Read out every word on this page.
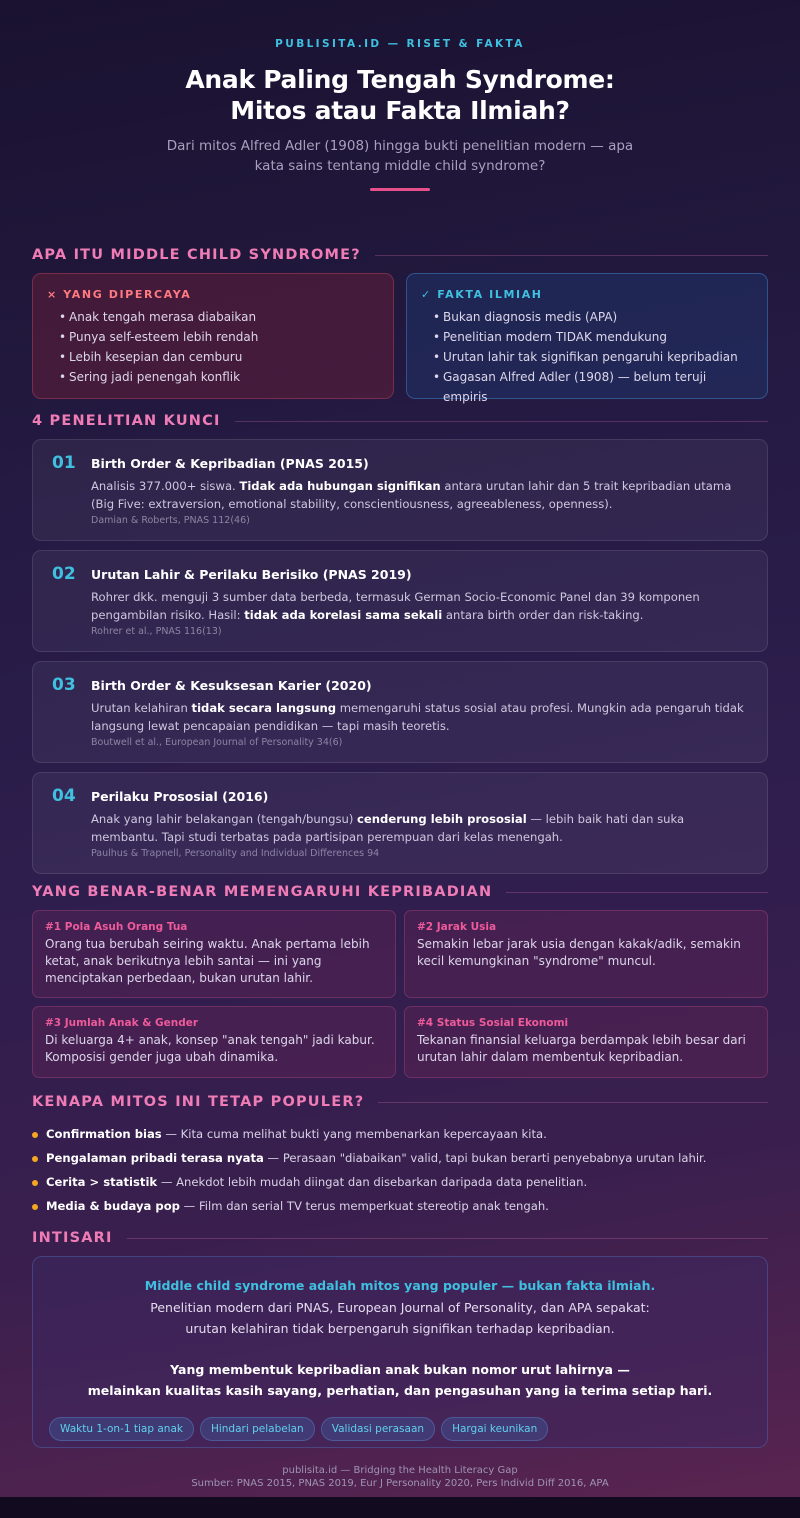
PUBLISITA.ID — RISET & FAKTA
Anak Paling Tengah Syndrome:
Mitos atau Fakta Ilmiah?
Dari mitos Alfred Adler (1908) hingga bukti penelitian modern — apa kata sains tentang middle child syndrome?
APA ITU MIDDLE CHILD SYNDROME?
× YANG DIPERCAYA
• Anak tengah merasa diabaikan
• Punya self-esteem lebih rendah
• Lebih kesepian dan cemburu
• Sering jadi penengah konflik
✓ FAKTA ILMIAH
• Bukan diagnosis medis (APA)
• Penelitian modern TIDAK mendukung
• Urutan lahir tak signifikan pengaruhi kepribadian
• Gagasan Alfred Adler (1908) — belum teruji empiris
4 PENELITIAN KUNCI
01 Birth Order & Kepribadian (PNAS 2015)
Analisis 377.000+ siswa. Tidak ada hubungan signifikan antara urutan lahir dan 5 trait kepribadian utama (Big Five: extraversion, emotional stability, conscientiousness, agreeableness, openness).
Damian & Roberts, PNAS 112(46)
02 Urutan Lahir & Perilaku Berisiko (PNAS 2019)
Rohrer dkk. menguji 3 sumber data berbeda, termasuk German Socio-Economic Panel dan 39 komponen pengambilan risiko. Hasil: tidak ada korelasi sama sekali antara birth order dan risk-taking.
Rohrer et al., PNAS 116(13)
03 Birth Order & Kesuksesan Karier (2020)
Urutan kelahiran tidak secara langsung memengaruhi status sosial atau profesi. Mungkin ada pengaruh tidak langsung lewat pencapaian pendidikan — tapi masih teoretis.
Boutwell et al., European Journal of Personality 34(6)
04 Perilaku Prososial (2016)
Anak yang lahir belakangan (tengah/bungsu) cenderung lebih prososial — lebih baik hati dan suka membantu. Tapi studi terbatas pada partisipan perempuan dari kelas menengah.
Paulhus & Trapnell, Personality and Individual Differences 94
YANG BENAR-BENAR MEMENGARUHI KEPRIBADIAN
#1 Pola Asuh Orang Tua
Orang tua berubah seiring waktu. Anak pertama lebih ketat, anak berikutnya lebih santai — ini yang menciptakan perbedaan, bukan urutan lahir.
#2 Jarak Usia
Semakin lebar jarak usia dengan kakak/adik, semakin kecil kemungkinan "syndrome" muncul.
#3 Jumlah Anak & Gender
Di keluarga 4+ anak, konsep "anak tengah" jadi kabur. Komposisi gender juga ubah dinamika.
#4 Status Sosial Ekonomi
Tekanan finansial keluarga berdampak lebih besar dari urutan lahir dalam membentuk kepribadian.
KENAPA MITOS INI TETAP POPULER?
Confirmation bias — Kita cuma melihat bukti yang membenarkan kepercayaan kita.
Pengalaman pribadi terasa nyata — Perasaan "diabaikan" valid, tapi bukan berarti penyebabnya urutan lahir.
Cerita > statistik — Anekdot lebih mudah diingat dan disebarkan daripada data penelitian.
Media & budaya pop — Film dan serial TV terus memperkuat stereotip anak tengah.
INTISARI
Middle child syndrome adalah mitos yang populer — bukan fakta ilmiah.
Penelitian modern dari PNAS, European Journal of Personality, dan APA sepakat: urutan kelahiran tidak berpengaruh signifikan terhadap kepribadian.
Yang membentuk kepribadian anak bukan nomor urut lahirnya —
melainkan kualitas kasih sayang, perhatian, dan pengasuhan yang ia terima setiap hari.
Waktu 1-on-1 tiap anak	Hindari pelabelan	Validasi perasaan	Hargai keunikan
publisita.id — Bridging the Health Literacy Gap
Sumber: PNAS 2015, PNAS 2019, Eur J Personality 2020, Pers Individ Diff 2016, APA
